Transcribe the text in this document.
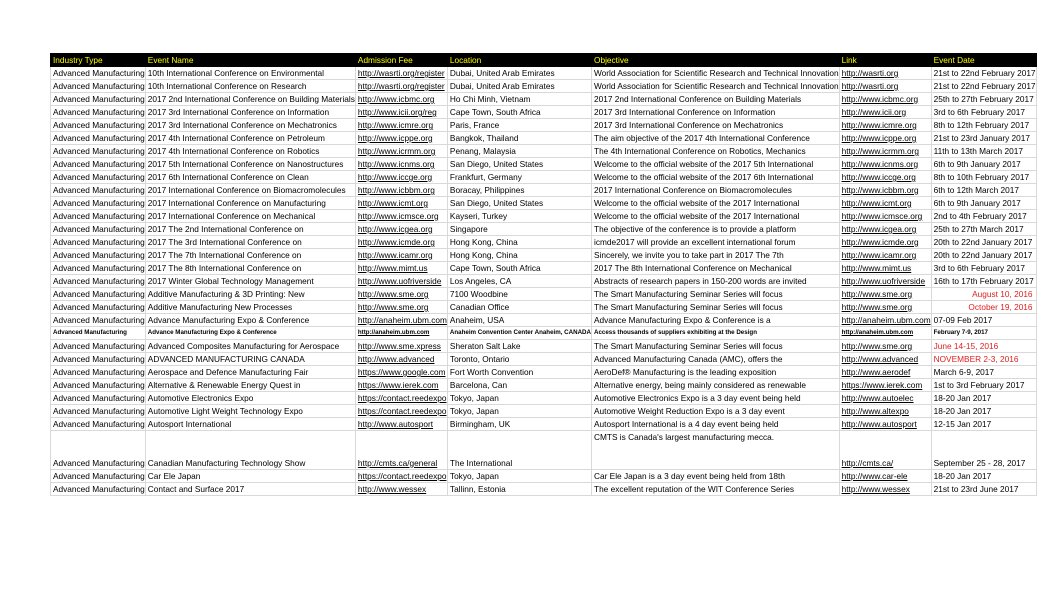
Industry Type	Event Name	Admission Fee	Location	Objective	Link	Event Date
Advanced Manufacturing	10th International Conference on Environmental	http://wasrti.org/register	Dubai, United Arab Emirates	World Association for Scientific Research and Technical Innovation	http://wasrti.org	21st to 22nd February 2017
Advanced Manufacturing	10th International Conference on Research	http://wasrti.org/register	Dubai, United Arab Emirates	World Association for Scientific Research and Technical Innovation	http://wasrti.org	21st to 22nd February 2017
Advanced Manufacturing	2017 2nd International Conference on Building Materials	http://www.icbmc.org	Ho Chi Minh, Vietnam	2017 2nd International Conference on Building Materials	http://www.icbmc.org	25th to 27th February 2017
Advanced Manufacturing	2017 3rd International Conference on Information	http://www.icii.org/reg	Cape Town, South Africa	2017 3rd International Conference on Information	http://www.icii.org	3rd to 6th February 2017
Advanced Manufacturing	2017 3rd International Conference on Mechatronics	http://www.icmre.org	Paris, France	2017 3rd International Conference on Mechatronics	http://www.icmre.org	8th to 12th February 2017
Advanced Manufacturing	2017 4th International Conference on Petroleum	http://www.icppe.org	Bangkok, Thailand	The aim objective of the 2017 4th International Conference	http://www.icppe.org	21st to 23rd January 2017
Advanced Manufacturing	2017 4th International Conference on Robotics	http://www.icrmm.org	Penang, Malaysia	The 4th International Conference on Robotics, Mechanics	http://www.icrmm.org	11th to 13th March 2017
Advanced Manufacturing	2017 5th International Conference on Nanostructures	http://www.icnms.org	San Diego, United States	Welcome to the official website of the 2017 5th International	http://www.icnms.org	6th to 9th January 2017
Advanced Manufacturing	2017 6th International Conference on Clean	http://www.iccge.org	Frankfurt, Germany	Welcome to the official website of the 2017 6th International	http://www.iccge.org	8th to 10th February 2017
Advanced Manufacturing	2017 International Conference on Biomacromolecules	http://www.icbbm.org	Boracay, Philippines	2017 International Conference on Biomacromolecules	http://www.icbbm.org	6th to 12th March 2017
Advanced Manufacturing	2017 International Conference on Manufacturing	http://www.icmt.org	San Diego, United States	Welcome to the official website of the 2017 International	http://www.icmt.org	6th to 9th January 2017
Advanced Manufacturing	2017 International Conference on Mechanical	http://www.icmsce.org	Kayseri, Turkey	Welcome to the official website of the 2017 International	http://www.icmsce.org	2nd to 4th February 2017
Advanced Manufacturing	2017 The 2nd International Conference on	http://www.icgea.org	Singapore	The objective of the conference is to provide a platform	http://www.icgea.org	25th to 27th March 2017
Advanced Manufacturing	2017 The 3rd International Conference on	http://www.icmde.org	Hong Kong, China	icmde2017 will provide an excellent international forum	http://www.icmde.org	20th to 22nd January 2017
Advanced Manufacturing	2017 The 7th International Conference on	http://www.icamr.org	Hong Kong, China	Sincerely, we invite you to take part in 2017 The 7th	http://www.icamr.org	20th to 22nd January 2017
Advanced Manufacturing	2017 The 8th International Conference on	http://www.mimt.us	Cape Town, South Africa	2017 The 8th International Conference on Mechanical	http://www.mimt.us	3rd to 6th February 2017
Advanced Manufacturing	2017 Winter Global Technology Management	http://www.uofriverside	Los Angeles, CA	Abstracts of research papers in 150-200 words are invited	http://www.uofriverside	16th to 17th February 2017
Advanced Manufacturing	Additive Manufacturing & 3D Printing: New	http://www.sme.org	7100 Woodbine	The Smart Manufacturing Seminar Series will focus	http://www.sme.org	August 10, 2016
Advanced Manufacturing	Additive Manufacturing New Processes	http://www.sme.org	Canadian Office	The Smart Manufacturing Seminar Series will focus	http://www.sme.org	October 19, 2016
Advanced Manufacturing	Advance Manufacturing Expo & Conference	http://anaheim.ubm.com	Anaheim, USA	Advance Manufacturing Expo & Conference is a	http://anaheim.ubm.com	07-09 Feb 2017
Advanced Manufacturing	Advance Manufacturing Expo & Conference	http://anaheim.ubm.com	Anaheim Convention Center Anaheim, CANADA	Access thousands of suppliers exhibiting at the Design	http://anaheim.ubm.com	February 7-9, 2017
Advanced Manufacturing	Advanced Composites Manufacturing for Aerospace	http://www.sme.xpress	Sheraton Salt Lake	The Smart Manufacturing Seminar Series will focus	http://www.sme.org	June 14-15, 2016
Advanced Manufacturing	ADVANCED MANUFACTURING CANADA	http://www.advanced	Toronto, Ontario	Advanced Manufacturing Canada (AMC), offers the	http://www.advanced	NOVEMBER 2-3, 2016
Advanced Manufacturing	Aerospace and Defence Manufacturing Fair	https://www.google.com	Fort Worth Convention	AeroDef® Manufacturing is the leading exposition	http://www.aerodef	March 6-9, 2017
Advanced Manufacturing	Alternative & Renewable Energy Quest in	https://www.ierek.com	Barcelona, Can	Alternative energy, being mainly considered as renewable	https://www.ierek.com	1st to 3rd February 2017
Advanced Manufacturing	Automotive Electronics Expo	https://contact.reedexpo	Tokyo, Japan	Automotive Electronics Expo is a 3 day event being held	http://www.autoelec	18-20 Jan 2017
Advanced Manufacturing	Automotive Light Weight Technology Expo	https://contact.reedexpo	Tokyo, Japan	Automotive Weight Reduction Expo is a 3 day event	http://www.altexpo	18-20 Jan 2017
Advanced Manufacturing	Autosport International	http://www.autosport	Birmingham, UK	Autosport International is a 4 day event being held	http://www.autosport	12-15 Jan 2017
Advanced Manufacturing	Canadian Manufacturing Technology Show	http://cmts.ca/general	The International	CMTS is Canada's largest manufacturing mecca.	http://cmts.ca/	September 25 - 28, 2017
Advanced Manufacturing	Car Ele Japan	https://contact.reedexpo	Tokyo, Japan	Car Ele Japan is a 3 day event being held from 18th	http://www.car-ele	18-20 Jan 2017
Advanced Manufacturing	Contact and Surface 2017	http://www.wessex	Tallinn, Estonia	The excellent reputation of the WIT Conference Series	http://www.wessex	21st to 23rd June 2017
